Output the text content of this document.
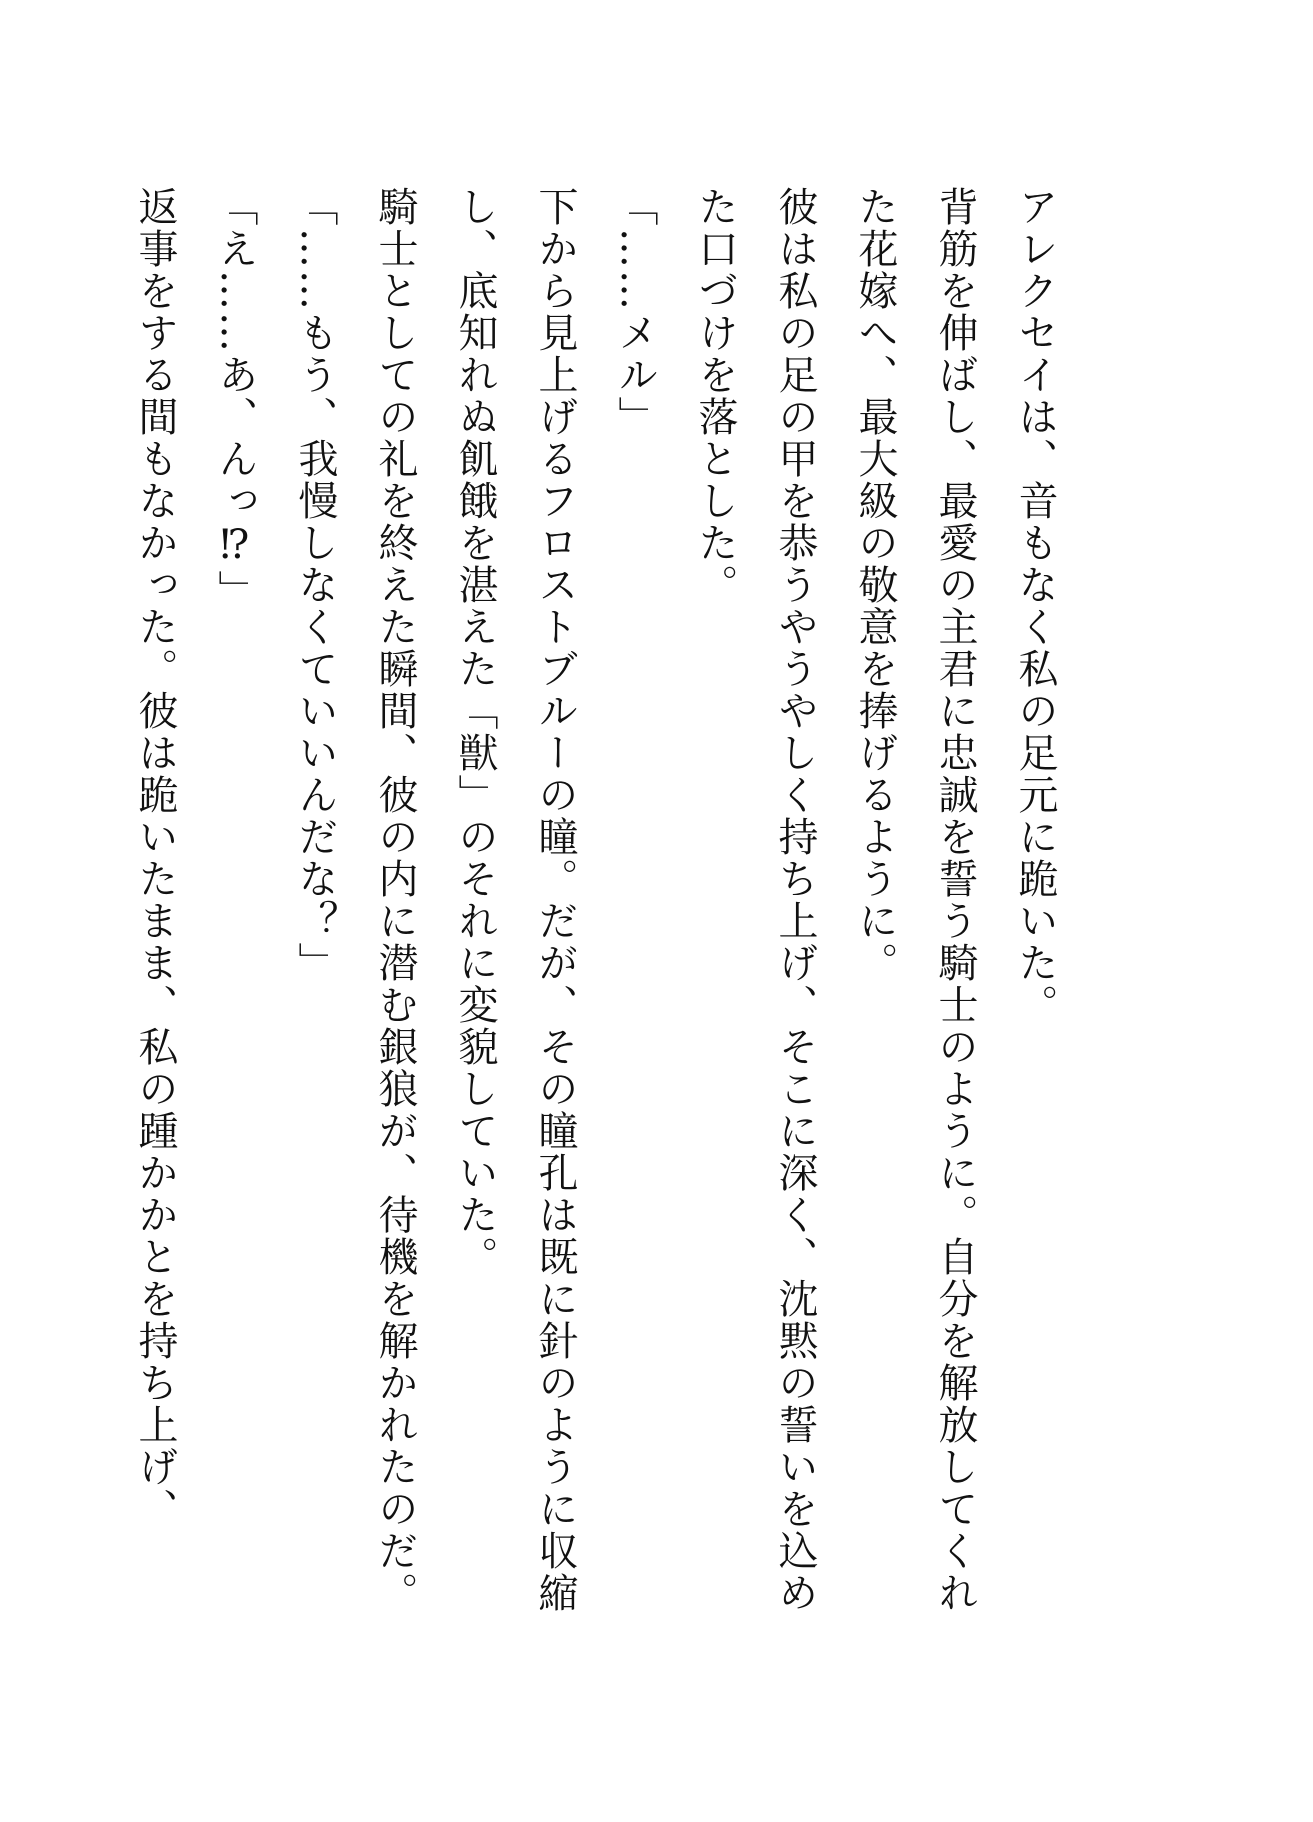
アレクセイは、音もなく私の足元に跪いた。

背筋を伸ばし、最愛の主君に忠誠を誓う騎士のように。自分を解放してくれた花嫁へ、最大級の敬意を捧げるように。

彼は私の足の甲を恭うやうやしく持ち上げ、そこに深く、沈黙の誓いを込めた口づけを落とした。

「……メル」

下から見上げるフロストブルーの瞳。だが、その瞳孔は既に針のように収縮し、底知れぬ飢餓を湛えた「獣」のそれに変貌していた。

騎士としての礼を終えた瞬間、彼の内に潜む銀狼が、待機を解かれたのだ。

「……もう、我慢しなくていいんだな？」

「え……あ、んっ⁉」

返事をする間もなかった。彼は跪いたまま、私の踵かかとを持ち上げ、
